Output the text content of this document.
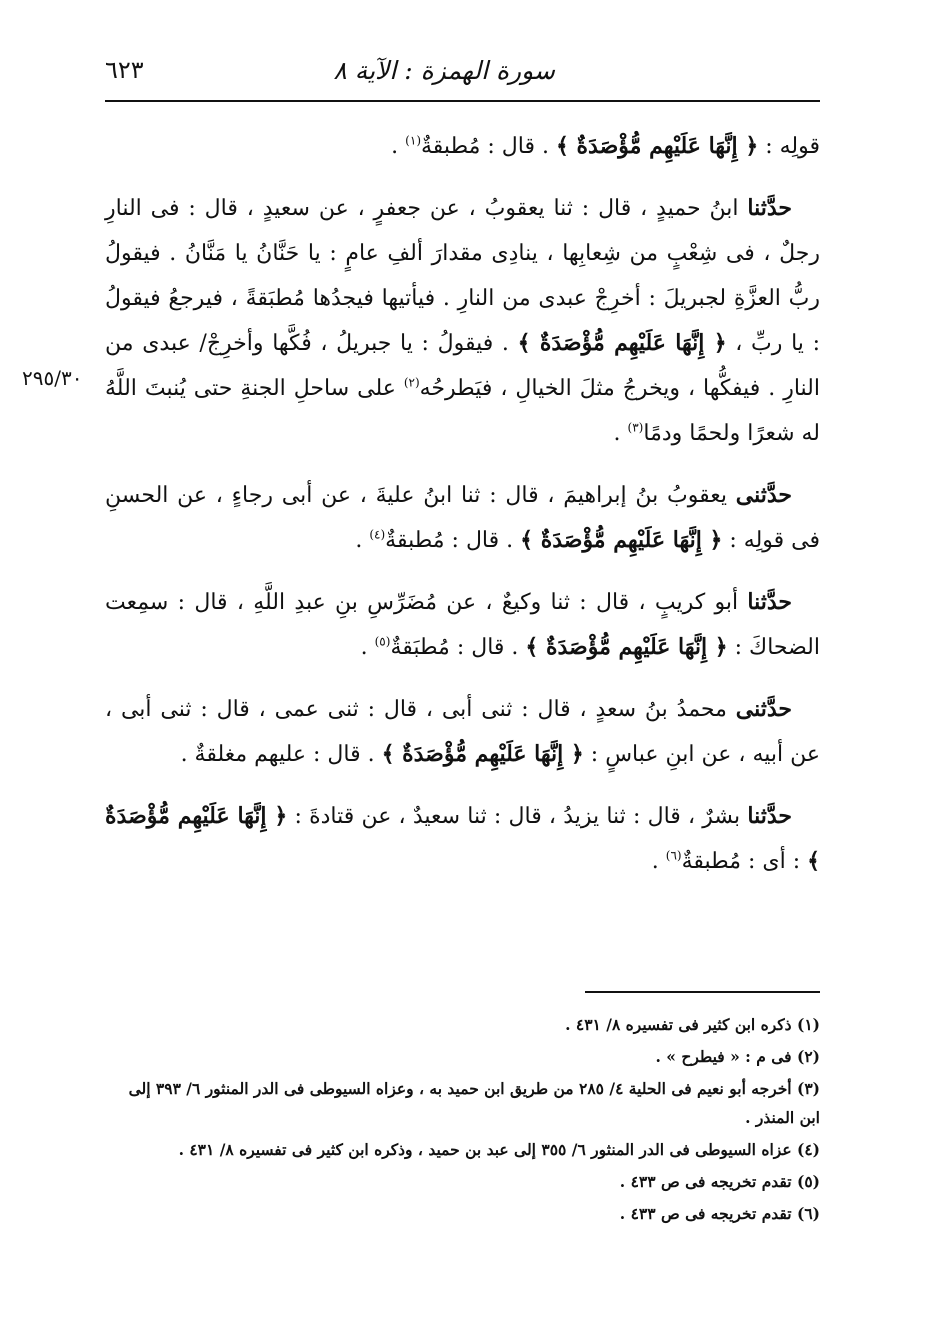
سورة الهمزة : الآية ٨
٦٢٣
٢٩٥/٣٠

قولِه : ﴿ إِنَّهَا عَلَيْهِم مُّؤْصَدَةٌ ﴾ . قال : مُطبقةٌ$^{(١)}$ .

حدَّثنا ابنُ حميدٍ ، قال : ثنا يعقوبُ ، عن جعفرٍ ، عن سعيدٍ ، قال : فى النارِ رجلٌ ، فى شِعْبٍ من شِعابِها ، ينادِى مقدارَ ألفِ عامٍ : يا حَنَّانُ يا مَنَّانُ . فيقولُ ربُّ العزَّةِ لجبريلَ : أخرِجْ عبدى من النارِ . فيأتيها فيجدُها مُطبَقةً ، فيرجعُ فيقولُ : يا ربِّ ، ﴿ إِنَّهَا عَلَيْهِم مُّؤْصَدَةٌ ﴾ . فيقولُ : يا جبريلُ ، فُكَّها وأخرِجْ/ عبدى من النارِ . فيفكُّها ، ويخرجُ مثلَ الخيالِ ، فيَطرحُه$^{(٢)}$ على ساحلِ الجنةِ حتى يُنبتَ اللَّهُ له شعرًا ولحمًا ودمًا$^{(٣)}$ .

حدَّثنى يعقوبُ بنُ إبراهيمَ ، قال : ثنا ابنُ عليةَ ، عن أبى رجاءٍ ، عن الحسنِ فى قولِه : ﴿ إِنَّهَا عَلَيْهِم مُّؤْصَدَةٌ ﴾ . قال : مُطبقةٌ$^{(٤)}$ .

حدَّثنا أبو كريبٍ ، قال : ثنا وكيعٌ ، عن مُضَرِّسِ بنِ عبدِ اللَّهِ ، قال : سمِعت الضحاكَ : ﴿ إِنَّهَا عَلَيْهِم مُّؤْصَدَةٌ ﴾ . قال : مُطبَقةٌ$^{(٥)}$ .

حدَّثنى محمدُ بنُ سعدٍ ، قال : ثنى أبى ، قال : ثنى عمى ، قال : ثنى أبى ، عن أبيه ، عن ابنِ عباسٍ : ﴿ إِنَّهَا عَلَيْهِم مُّؤْصَدَةٌ ﴾ . قال : عليهم مغلقةٌ .

حدَّثنا بشرٌ ، قال : ثنا يزيدُ ، قال : ثنا سعيدٌ ، عن قتادةَ : ﴿ إِنَّهَا عَلَيْهِم مُّؤْصَدَةٌ ﴾ : أى : مُطبقةٌ$^{(٦)}$ .

(١) ذكره ابن كثير فى تفسيره ٨/ ٤٣١ .

(٢) فى م : « فيطرح » .

(٣) أخرجه أبو نعيم فى الحلية ٤/ ٢٨٥ من طريق ابن حميد به ، وعزاه السيوطى فى الدر المنثور ٦/ ٣٩٣ إلى ابن المنذر .

(٤) عزاه السيوطى فى الدر المنثور ٦/ ٣٥٥ إلى عبد بن حميد ، وذكره ابن كثير فى تفسيره ٨/ ٤٣١ .

(٥) تقدم تخريجه فى ص ٤٣٣ .

(٦) تقدم تخريجه فى ص ٤٣٣ .
